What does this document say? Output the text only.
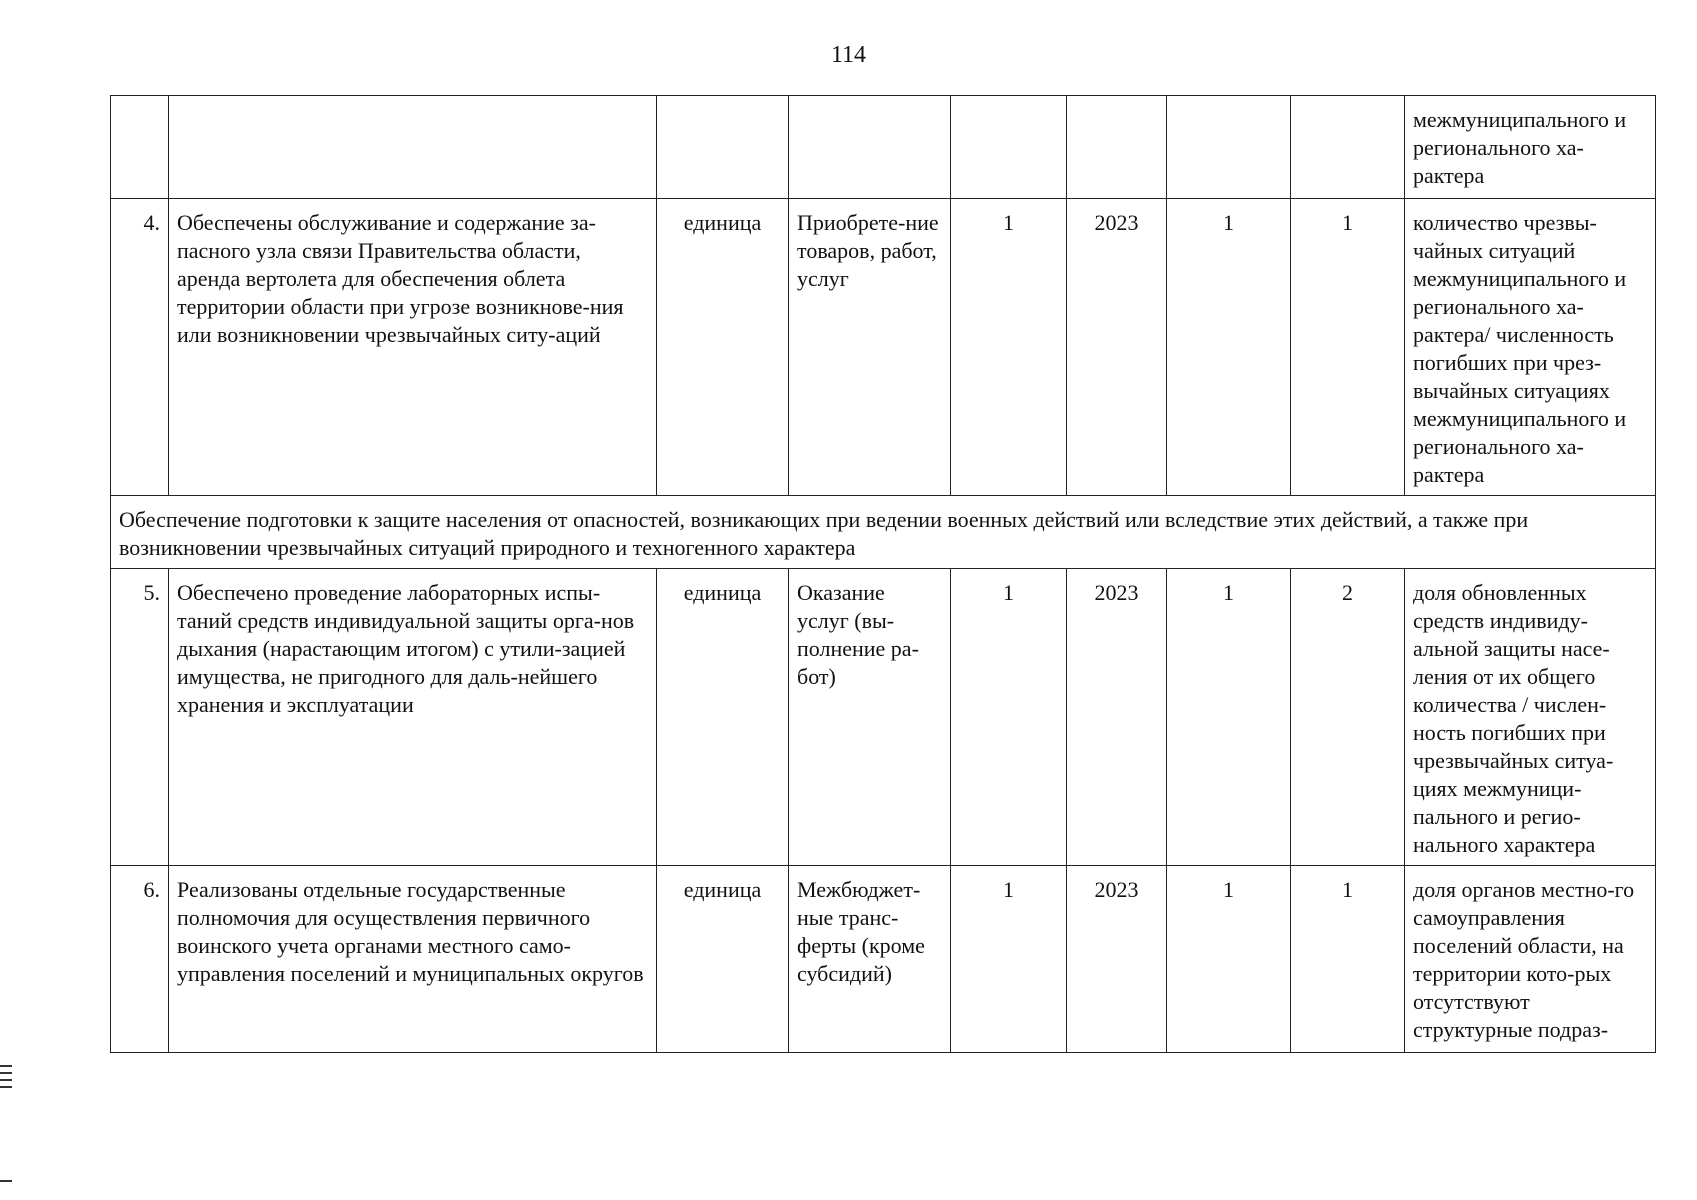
114
								межмуниципального и регионального ха-рактера
4.	Обеспечены обслуживание и содержание за-пасного узла связи Правительства области, аренда вертолета для обеспечения облета территории области при угрозе возникнове-ния или возникновении чрезвычайных ситу-аций	единица	Приобрете-ние товаров, работ, услуг	1	2023	1	1	количество чрезвы-чайных ситуаций межмуниципального и регионального ха-рактера/ численность погибших при чрез-вычайных ситуациях межмуниципального и регионального ха-рактера
Обеспечение подготовки к защите населения от опасностей, возникающих при ведении военных действий или вследствие этих действий, а также при возникновении чрезвычайных ситуаций природного и техногенного характера								
5.	Обеспечено проведение лабораторных испы-таний средств индивидуальной защиты орга-нов дыхания (нарастающим итогом) с утили-зацией имущества, не пригодного для даль-нейшего хранения и эксплуатации	единица	Оказание услуг (вы-полнение ра-бот)	1	2023	1	2	доля обновленных средств индивиду-альной защиты насе-ления от их общего количества / числен-ность погибших при чрезвычайных ситуа-циях межмуници-пального и регио-нального характера
6.	Реализованы отдельные государственные полномочия для осуществления первичного воинского учета органами местного само-управления поселений и муниципальных округов	единица	Межбюджет-ные транс-ферты (кроме субсидий)	1	2023	1	1	доля органов местно-го самоуправления поселений области, на территории кото-рых отсутствуют структурные подраз-
